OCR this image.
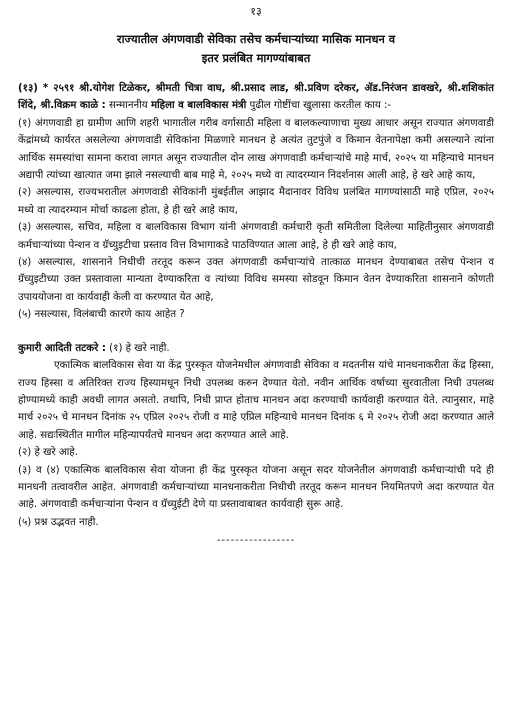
१३
राज्यातील अंगणवाडी सेविका तसेच कर्मचाऱ्यांच्या मासिक मानधन व
इतर प्रलंबित मागण्यांबाबत
(१३) * २५९१ श्री.योगेश टिळेकर, श्रीमती चित्रा वाघ, श्री.प्रसाद लाड, श्री.प्रविण दरेकर, ॲड.निरंजन डावखरे, श्री.शशिकांत शिंदे, श्री.विक्रम काळे : सन्माननीय महिला व बालविकास मंत्री पुढील गोष्टींचा खुलासा करतील काय :-
(१) अंगणवाडी हा ग्रामीण आणि शहरी भागातील गरीब वर्गासाठी महिला व बालकल्याणाचा मुख्य आधार असून राज्यात अंगणवाडी केंद्रांमध्ये कार्यरत असलेल्या अंगणवाडी सेविकांना मिळणारे मानधन हे अत्यंत तुटपुंजे व किमान वेतनापेक्षा कमी असल्याने त्यांना आर्थिक समस्यांचा सामना करावा लागत असून राज्यातील दोन लाख अंगणवाडी कर्मचाऱ्यांचे माहे मार्च, २०२५ या महिन्याचे मानधन अद्यापी त्यांच्या खात्यात जमा झाले नसल्याची बाब माहे मे, २०२५ मध्ये वा त्यादरम्यान निदर्शनास आली आहे, हे खरे आहे काय,
(२) असल्यास, राज्यभरातील अंगणवाडी सेविकांनी मुंबईतील आझाद मैदानावर विविध प्रलंबित मागण्यांसाठी माहे एप्रिल, २०२५ मध्ये वा त्यादरम्यान मोर्चा काढला होता, हे ही खरे आहे काय,
(३) असल्यास, सचिव, महिला व बालविकास विभाग यांनी अंगणवाडी कर्मचारी कृती समितीला दिलेल्या माहितीनुसार अंगणवाडी कर्मचाऱ्यांच्या पेन्शन व ग्रॅच्युइटीचा प्रस्ताव वित्त विभागाकडे पाठविण्यात आला आहे, हे ही खरे आहे काय,
(४) असल्यास, शासनाने निधीची तरतूद करून उक्त अंगणवाडी कर्मचाऱ्यांचे तात्काळ मानधन देण्याबाबत तसेच पेन्शन व ग्रॅच्युइटीच्या उक्त प्रस्तावाला मान्यता देण्याकरिता व त्यांच्या विविध समस्या सोडवून किमान वेतन देण्याकरिता शासनाने कोणती उपाययोजना वा कार्यवाही केली वा करण्यात येत आहे,
(५) नसल्यास, विलंबाची कारणे काय आहेत ?
कुमारी आदिती तटकरे : (१) हे खरे नाही.
एकात्मिक बालविकास सेवा या केंद्र पुरस्कृत योजनेमधील अंगणवाडी सेविका व मदतनीस यांचे मानधनाकरीता केंद्र हिस्सा, राज्य हिस्सा व अतिरिक्त राज्य हिस्यामधून निधी उपलब्ध करुन देण्यात येतो. नवीन आर्थिक वर्षाच्या सुरवातीला निधी उपलब्ध होण्यामध्ये काही अवधी लागत असतो. तथापि, निधी प्राप्त होताच मानधन अदा करण्याची कार्यवाही करण्यात येते. त्यानुसार, माहे मार्च २०२५ चे मानधन दिनांक २५ एप्रिल २०२५ रोजी व माहे एप्रिल महिन्याचे मानधन दिनांक ६ मे २०२५ रोजी अदा करण्यात आले आहे. सद्यःस्थितीत मागील महिन्यापर्यंतचे मानधन अदा करण्यात आले आहे.
(२) हे खरे आहे.
(३) व (४) एकात्मिक बालविकास सेवा योजना ही केंद्र पुरस्कृत योजना असून सदर योजनेतील अंगणवाडी कर्मचाऱ्यांची पदे ही मानधनी तत्वावरील आहेत. अंगणवाडी कर्मचाऱ्यांच्या मानधनाकरीता निधीची तरतूद करून मानधन नियमितपणे अदा करण्यात येत आहे. अंगणवाडी कर्मचाऱ्यांना पेन्शन व ग्रॅच्युईटी देणे या प्रस्तावाबाबत कार्यवाही सुरू आहे.
(५) प्रश्न उद्भवत नाही.
-----------------
